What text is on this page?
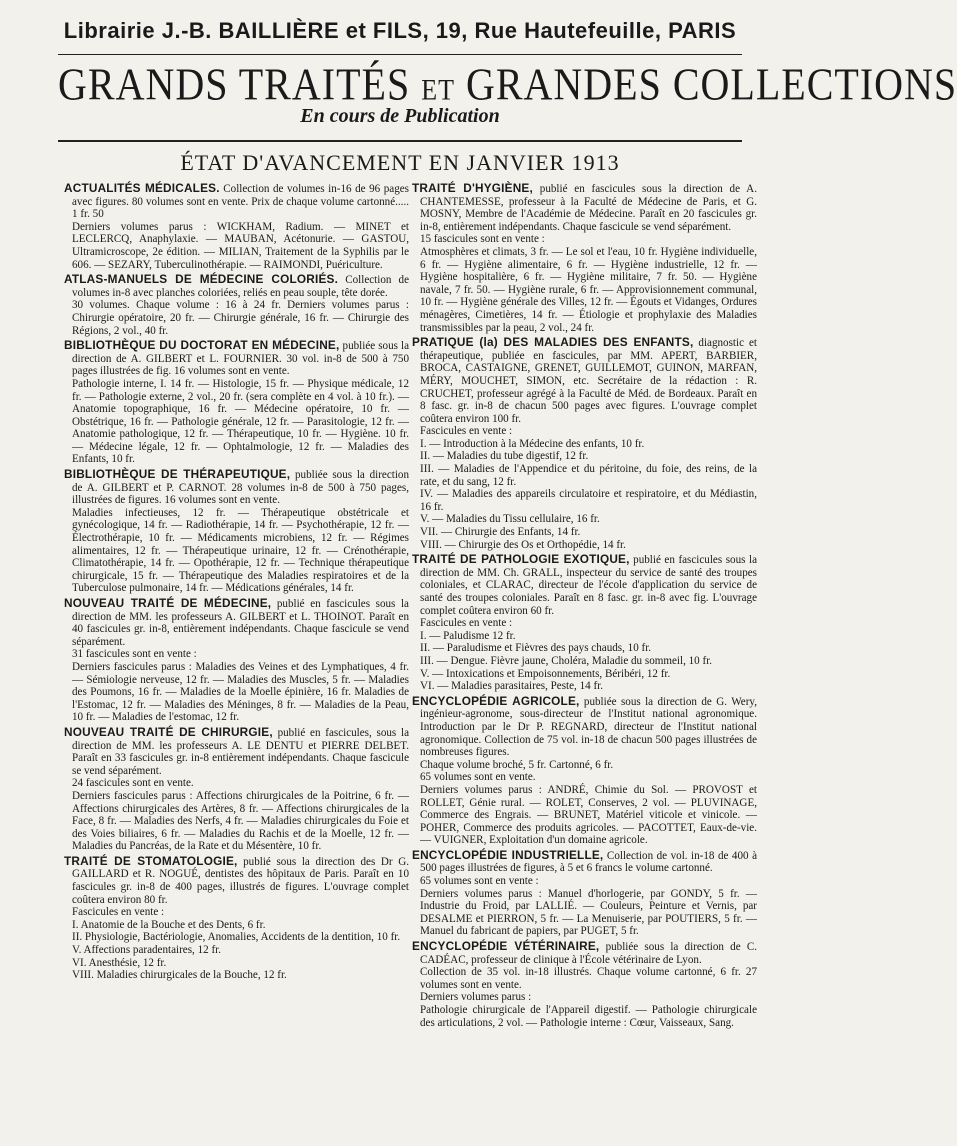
Librairie J.-B. BAILLIÈRE et FILS, 19, Rue Hautefeuille, PARIS
GRANDS TRAITÉS ET GRANDES COLLECTIONS
En cours de Publication
ÉTAT D'AVANCEMENT EN JANVIER 1913
ACTUALITÉS MÉDICALES. Collection de volumes in-16 de 96 pages avec figures. 80 volumes sont en vente. Prix de chaque volume cartonné..... 1 fr. 50
Derniers volumes parus : WICKHAM, Radium. — MINET et LECLERCQ, Anaphylaxie. — MAUBAN, Acétonurie. — GASTOU, Ultramicroscope, 2e édition. — MILIAN, Traitement de la Syphilis par le 606. — SEZARY, Tuberculinothérapie. — RAIMONDI, Puériculture.
ATLAS-MANUELS DE MÉDECINE COLORIÉS. Collection de volumes in-8 avec planches coloriées, reliés en peau souple, tête dorée.
30 volumes. Chaque volume : 16 à 24 fr. Derniers volumes parus : Chirurgie opératoire, 20 fr. — Chirurgie générale, 16 fr. — Chirurgie des Régions, 2 vol., 40 fr.
BIBLIOTHÈQUE DU DOCTORAT EN MÉDECINE, publiée sous la direction de A. GILBERT et L. FOURNIER. 30 vol. in-8 de 500 à 750 pages illustrées de fig. 16 volumes sont en vente.
Pathologie interne, I. 14 fr. — Histologie, 15 fr. — Physique médicale, 12 fr. — Pathologie externe, 2 vol., 20 fr. (sera complète en 4 vol. à 10 fr.). — Anatomie topographique, 16 fr. — Médecine opératoire, 10 fr. — Obstétrique, 16 fr. — Pathologie générale, 12 fr. — Parasitologie, 12 fr. — Anatomie pathologique, 12 fr. — Thérapeutique, 10 fr. — Hygiène. 10 fr. — Médecine légale, 12 fr. — Ophtalmologie, 12 fr. — Maladies des Enfants, 10 fr.
BIBLIOTHÈQUE DE THÉRAPEUTIQUE, publiée sous la direction de A. GILBERT et P. CARNOT. 28 volumes in-8 de 500 à 750 pages, illustrées de figures. 16 volumes sont en vente.
Maladies infectieuses, 12 fr. — Thérapeutique obstétricale et gynécologique, 14 fr. — Radiothérapie, 14 fr. — Psychothérapie, 12 fr. — Électrothérapie, 10 fr. — Médicaments microbiens, 12 fr. — Régimes alimentaires, 12 fr. — Thérapeutique urinaire, 12 fr. — Crénothérapie, Climatothérapie, 14 fr. — Opothérapie, 12 fr. — Technique thérapeutique chirurgicale, 15 fr. — Thérapeutique des Maladies respiratoires et de la Tuberculose pulmonaire, 14 fr. — Médications générales, 14 fr.
NOUVEAU TRAITÉ DE MÉDECINE, publié en fascicules sous la direction de MM. les professeurs A. GILBERT et L. THOINOT. Paraît en 40 fascicules gr. in-8, entièrement indépendants. Chaque fascicule se vend séparément.
31 fascicules sont en vente :
Derniers fascicules parus : Maladies des Veines et des Lymphatiques, 4 fr. — Sémiologie nerveuse, 12 fr. — Maladies des Muscles, 5 fr. — Maladies des Poumons, 16 fr. — Maladies de la Moelle épinière, 16 fr. Maladies de l'Estomac, 12 fr. — Maladies des Méninges, 8 fr. — Maladies de la Peau, 10 fr. — Maladies de l'estomac, 12 fr.
NOUVEAU TRAITÉ DE CHIRURGIE, publié en fascicules, sous la direction de MM. les professeurs A. LE DENTU et PIERRE DELBET. Paraît en 33 fascicules gr. in-8 entièrement indépendants. Chaque fascicule se vend séparément.
24 fascicules sont en vente.
Derniers fascicules parus : Affections chirurgicales de la Poitrine, 6 fr. — Affections chirurgicales des Artères, 8 fr. — Affections chirurgicales de la Face, 8 fr. — Maladies des Nerfs, 4 fr. — Maladies chirurgicales du Foie et des Voies biliaires, 6 fr. — Maladies du Rachis et de la Moelle, 12 fr. — Maladies du Pancréas, de la Rate et du Mésentère, 10 fr.
TRAITÉ DE STOMATOLOGIE, publié sous la direction des Dr G. GAILLARD et R. NOGUÉ, dentistes des hôpitaux de Paris. Paraît en 10 fascicules gr. in-8 de 400 pages, illustrés de figures. L'ouvrage complet coûtera environ 80 fr.
Fascicules en vente :
I. Anatomie de la Bouche et des Dents, 6 fr.
II. Physiologie, Bactériologie, Anomalies, Accidents de la dentition, 10 fr.
V. Affections paradentaires, 12 fr.
VI. Anesthésie, 12 fr.
VIII. Maladies chirurgicales de la Bouche, 12 fr.
TRAITÉ D'HYGIÈNE, publié en fascicules sous la direction de A. CHANTEMESSE, professeur à la Faculté de Médecine de Paris, et G. MOSNY, Membre de l'Académie de Médecine. Paraît en 20 fascicules gr. in-8, entièrement indépendants. Chaque fascicule se vend séparément.
15 fascicules sont en vente :
Atmosphères et climats, 3 fr. — Le sol et l'eau, 10 fr. Hygiène individuelle, 6 fr. — Hygiène alimentaire, 6 fr. — Hygiène industrielle, 12 fr. — Hygiène hospitalière, 6 fr. — Hygiène militaire, 7 fr. 50. — Hygiène navale, 7 fr. 50. — Hygiène rurale, 6 fr. — Approvisionnement communal, 10 fr. — Hygiène générale des Villes, 12 fr. — Égouts et Vidanges, Ordures ménagères, Cimetières, 14 fr. — Étiologie et prophylaxie des Maladies transmissibles par la peau, 2 vol., 24 fr.
PRATIQUE (la) DES MALADIES DES ENFANTS, diagnostic et thérapeutique, publiée en fascicules, par MM. APERT, BARBIER, BROCA, CASTAIGNE, GRENET, GUILLEMOT, GUINON, MARFAN, MÉRY, MOUCHET, SIMON, etc. Secrétaire de la rédaction : R. CRUCHET, professeur agrégé à la Faculté de Méd. de Bordeaux. Paraît en 8 fasc. gr. in-8 de chacun 500 pages avec figures. L'ouvrage complet coûtera environ 100 fr.
Fascicules en vente :
I. — Introduction à la Médecine des enfants, 10 fr.
II. — Maladies du tube digestif, 12 fr.
III. — Maladies de l'Appendice et du péritoine, du foie, des reins, de la rate, et du sang, 12 fr.
IV. — Maladies des appareils circulatoire et respiratoire, et du Médiastin, 16 fr.
V. — Maladies du Tissu cellulaire, 16 fr.
VII. — Chirurgie des Enfants, 14 fr.
VIII. — Chirurgie des Os et Orthopédie, 14 fr.
TRAITÉ DE PATHOLOGIE EXOTIQUE, publié en fascicules sous la direction de MM. Ch. GRALL, inspecteur du service de santé des troupes coloniales, et CLARAC, directeur de l'école d'application du service de santé des troupes coloniales. Paraît en 8 fasc. gr. in-8 avec fig. L'ouvrage complet coûtera environ 60 fr.
Fascicules en vente :
I. — Paludisme 12 fr.
II. — Paraludisme et Fièvres des pays chauds, 10 fr.
III. — Dengue. Fièvre jaune, Choléra, Maladie du sommeil, 10 fr.
V. — Intoxications et Empoisonnements, Béribéri, 12 fr.
VI. — Maladies parasitaires, Peste, 14 fr.
ENCYCLOPÉDIE AGRICOLE, publiée sous la direction de G. Wery, ingénieur-agronome, sous-directeur de l'Institut national agronomique. Introduction par le Dr P. REGNARD, directeur de l'Institut national agronomique. Collection de 75 vol. in-18 de chacun 500 pages illustrées de nombreuses figures.
Chaque volume broché, 5 fr. Cartonné, 6 fr.
65 volumes sont en vente.
Derniers volumes parus : ANDRÉ, Chimie du Sol. — PROVOST et ROLLET, Génie rural. — ROLET, Conserves, 2 vol. — PLUVINAGE, Commerce des Engrais. — BRUNET, Matériel viticole et vinicole. — POHER, Commerce des produits agricoles. — PACOTTET, Eaux-de-vie. — VUIGNER, Exploitation d'un domaine agricole.
ENCYCLOPÉDIE INDUSTRIELLE, Collection de vol. in-18 de 400 à 500 pages illustrées de figures, à 5 et 6 francs le volume cartonné.
65 volumes sont en vente :
Derniers volumes parus : Manuel d'horlogerie, par GONDY, 5 fr. — Industrie du Froid, par LALLIÉ. — Couleurs, Peinture et Vernis, par DESALME et PIERRON, 5 fr. — La Menuiserie, par POUTIERS, 5 fr. — Manuel du fabricant de papiers, par PUGET, 5 fr.
ENCYCLOPÉDIE VÉTÉRINAIRE, publiée sous la direction de C. CADÉAC, professeur de clinique à l'École vétérinaire de Lyon.
Collection de 35 vol. in-18 illustrés. Chaque volume cartonné, 6 fr. 27 volumes sont en vente.
Derniers volumes parus :
Pathologie chirurgicale de l'Appareil digestif. — Pathologie chirurgicale des articulations, 2 vol. — Pathologie interne : Cœur, Vaisseaux, Sang.
